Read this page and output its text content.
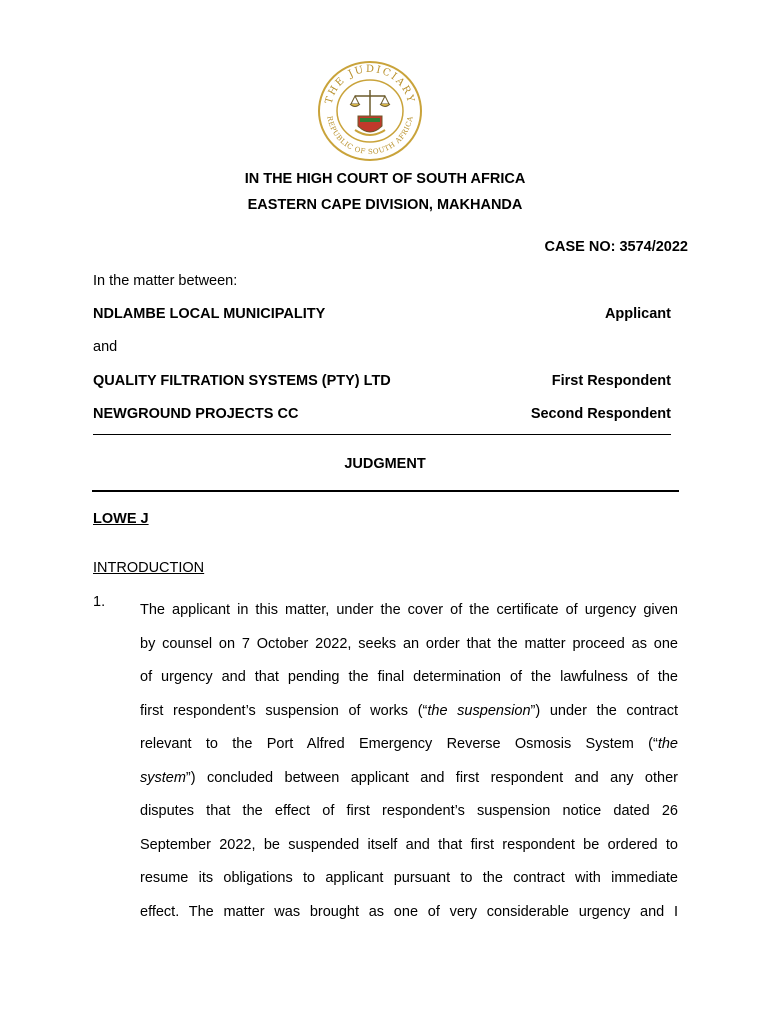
THE JUDICIARY
REPUBLIC OF SOUTH AFRICA
IN THE HIGH COURT OF SOUTH AFRICA
EASTERN CAPE DIVISION, MAKHANDA
CASE NO: 3574/2022
In the matter between:
NDLAMBE LOCAL MUNICIPALITY	Applicant
and
QUALITY FILTRATION SYSTEMS (PTY) LTD	First Respondent
NEWGROUND PROJECTS CC	Second Respondent
JUDGMENT
LOWE J
INTRODUCTION
1. The applicant in this matter, under the cover of the certificate of urgency given
by counsel on 7 October 2022, seeks an order that the matter proceed as one
of urgency and that pending the final determination of the lawfulness of the
first respondent’s suspension of works (“the suspension”) under the contract
relevant to the Port Alfred Emergency Reverse Osmosis System (“the
system”) concluded between applicant and first respondent and any other
disputes that the effect of first respondent’s suspension notice dated 26
September 2022, be suspended itself and that first respondent be ordered to
resume its obligations to applicant pursuant to the contract with immediate
effect. The matter was brought as one of very considerable urgency and I
